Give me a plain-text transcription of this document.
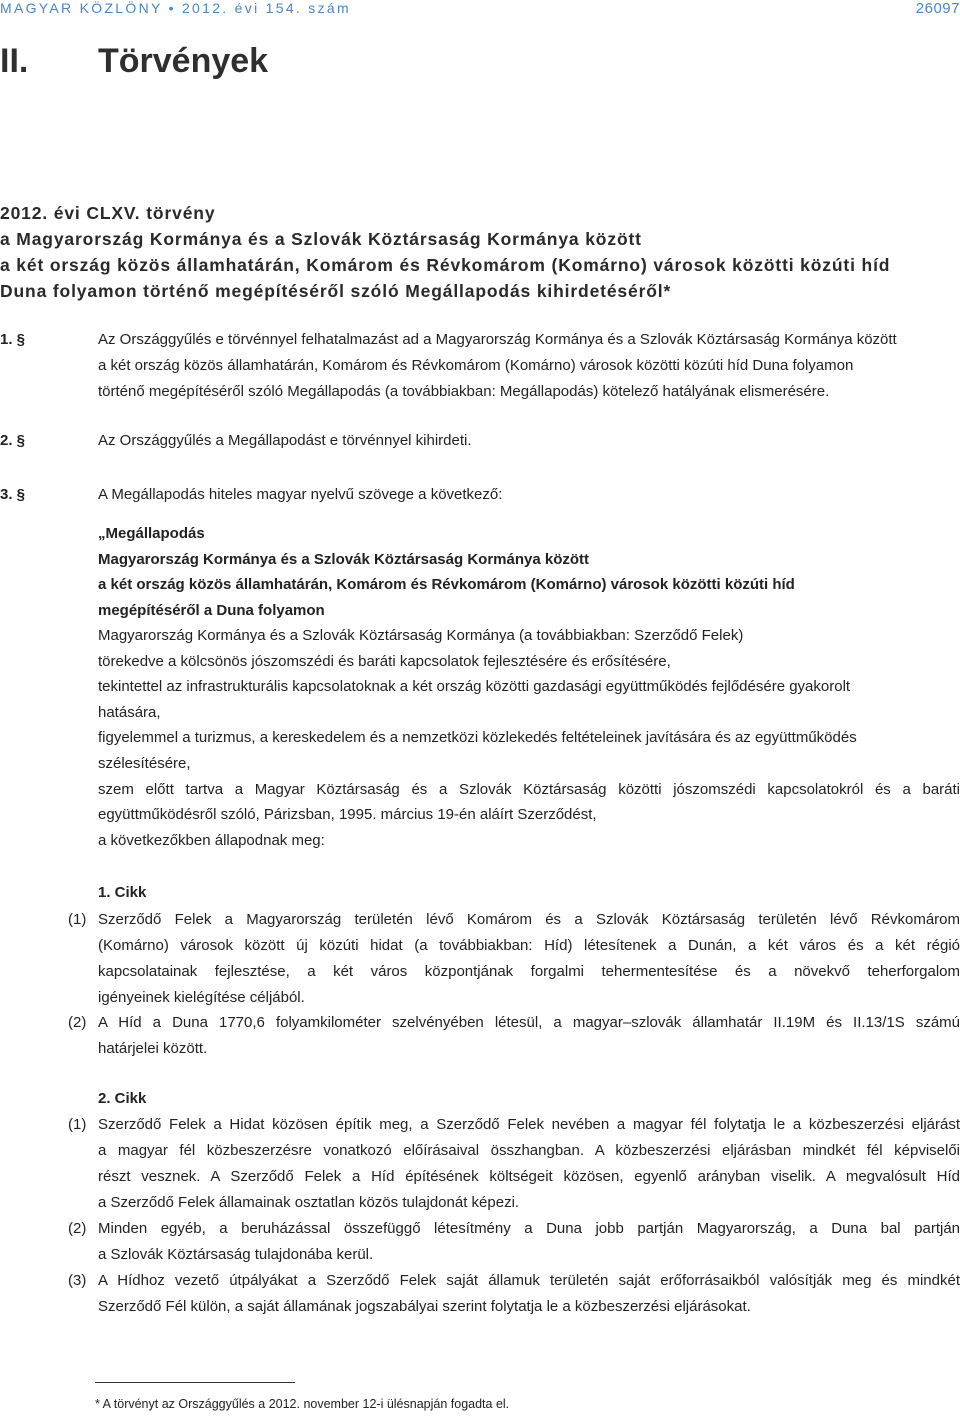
MAGYAR KÖZLÖNY • 2012. évi 154. szám	26097
II. Törvények
2012. évi CLXV. törvény
a Magyarország Kormánya és a Szlovák Köztársaság Kormánya között
a két ország közös államhatárán, Komárom és Révkomárom (Komárno) városok közötti közúti híd
Duna folyamon történő megépítéséről szóló Megállapodás kihirdetéséről*
1. §	Az Országgyűlés e törvénnyel felhatalmazást ad a Magyarország Kormánya és a Szlovák Köztársaság Kormánya között
a két ország közös államhatárán, Komárom és Révkomárom (Komárno) városok közötti közúti híd Duna folyamon
történő megépítéséről szóló Megállapodás (a továbbiakban: Megállapodás) kötelező hatályának elismerésére.
2. §	Az Országgyűlés a Megállapodást e törvénnyel kihirdeti.
3. §	A Megállapodás hiteles magyar nyelvű szövege a következő:
„Megállapodás
Magyarország Kormánya és a Szlovák Köztársaság Kormánya között
a két ország közös államhatárán, Komárom és Révkomárom (Komárno) városok közötti közúti híd
megépítéséről a Duna folyamon
Magyarország Kormánya és a Szlovák Köztársaság Kormánya (a továbbiakban: Szerződő Felek)
törekedve a kölcsönös jószomszédi és baráti kapcsolatok fejlesztésére és erősítésére,
tekintettel az infrastrukturális kapcsolatoknak a két ország közötti gazdasági együttműködés fejlődésére gyakorolt
hatására,
figyelemmel a turizmus, a kereskedelem és a nemzetközi közlekedés feltételeinek javítására és az együttműködés
szélesítésére,
szem előtt tartva a Magyar Köztársaság és a Szlovák Köztársaság közötti jószomszédi kapcsolatokról és a baráti
együttműködésről szóló, Párizsban, 1995. március 19-én aláírt Szerződést,
a következőkben állapodnak meg:
1. Cikk
(1) Szerződő Felek a Magyarország területén lévő Komárom és a Szlovák Köztársaság területén lévő Révkomárom
(Komárno) városok között új közúti hidat (a továbbiakban: Híd) létesítenek a Dunán, a két város és a két régió
kapcsolatainak fejlesztése, a két város központjának forgalmi tehermentesítése és a növekvő teherforgalom
igényeinek kielégítése céljából.
(2) A Híd a Duna 1770,6 folyamkilométer szelvényében létesül, a magyar–szlovák államhatár II.19M és II.13/1S számú
határjelei között.
2. Cikk
(1) Szerződő Felek a Hidat közösen építik meg, a Szerződő Felek nevében a magyar fél folytatja le a közbeszerzési eljárást
a magyar fél közbeszerzésre vonatkozó előírásaival összhangban. A közbeszerzési eljárásban mindkét fél képviselői
részt vesznek. A Szerződő Felek a Híd építésének költségeit közösen, egyenlő arányban viselik. A megvalósult Híd
a Szerződő Felek államainak osztatlan közös tulajdonát képezi.
(2) Minden egyéb, a beruházással összefüggő létesítmény a Duna jobb partján Magyarország, a Duna bal partján
a Szlovák Köztársaság tulajdonába kerül.
(3) A Hídhoz vezető útpályákat a Szerződő Felek saját államuk területén saját erőforrásaikból valósítják meg és mindkét
Szerződő Fél külön, a saját államának jogszabályai szerint folytatja le a közbeszerzési eljárásokat.
* A törvényt az Országgyűlés a 2012. november 12-i ülésnapján fogadta el.
